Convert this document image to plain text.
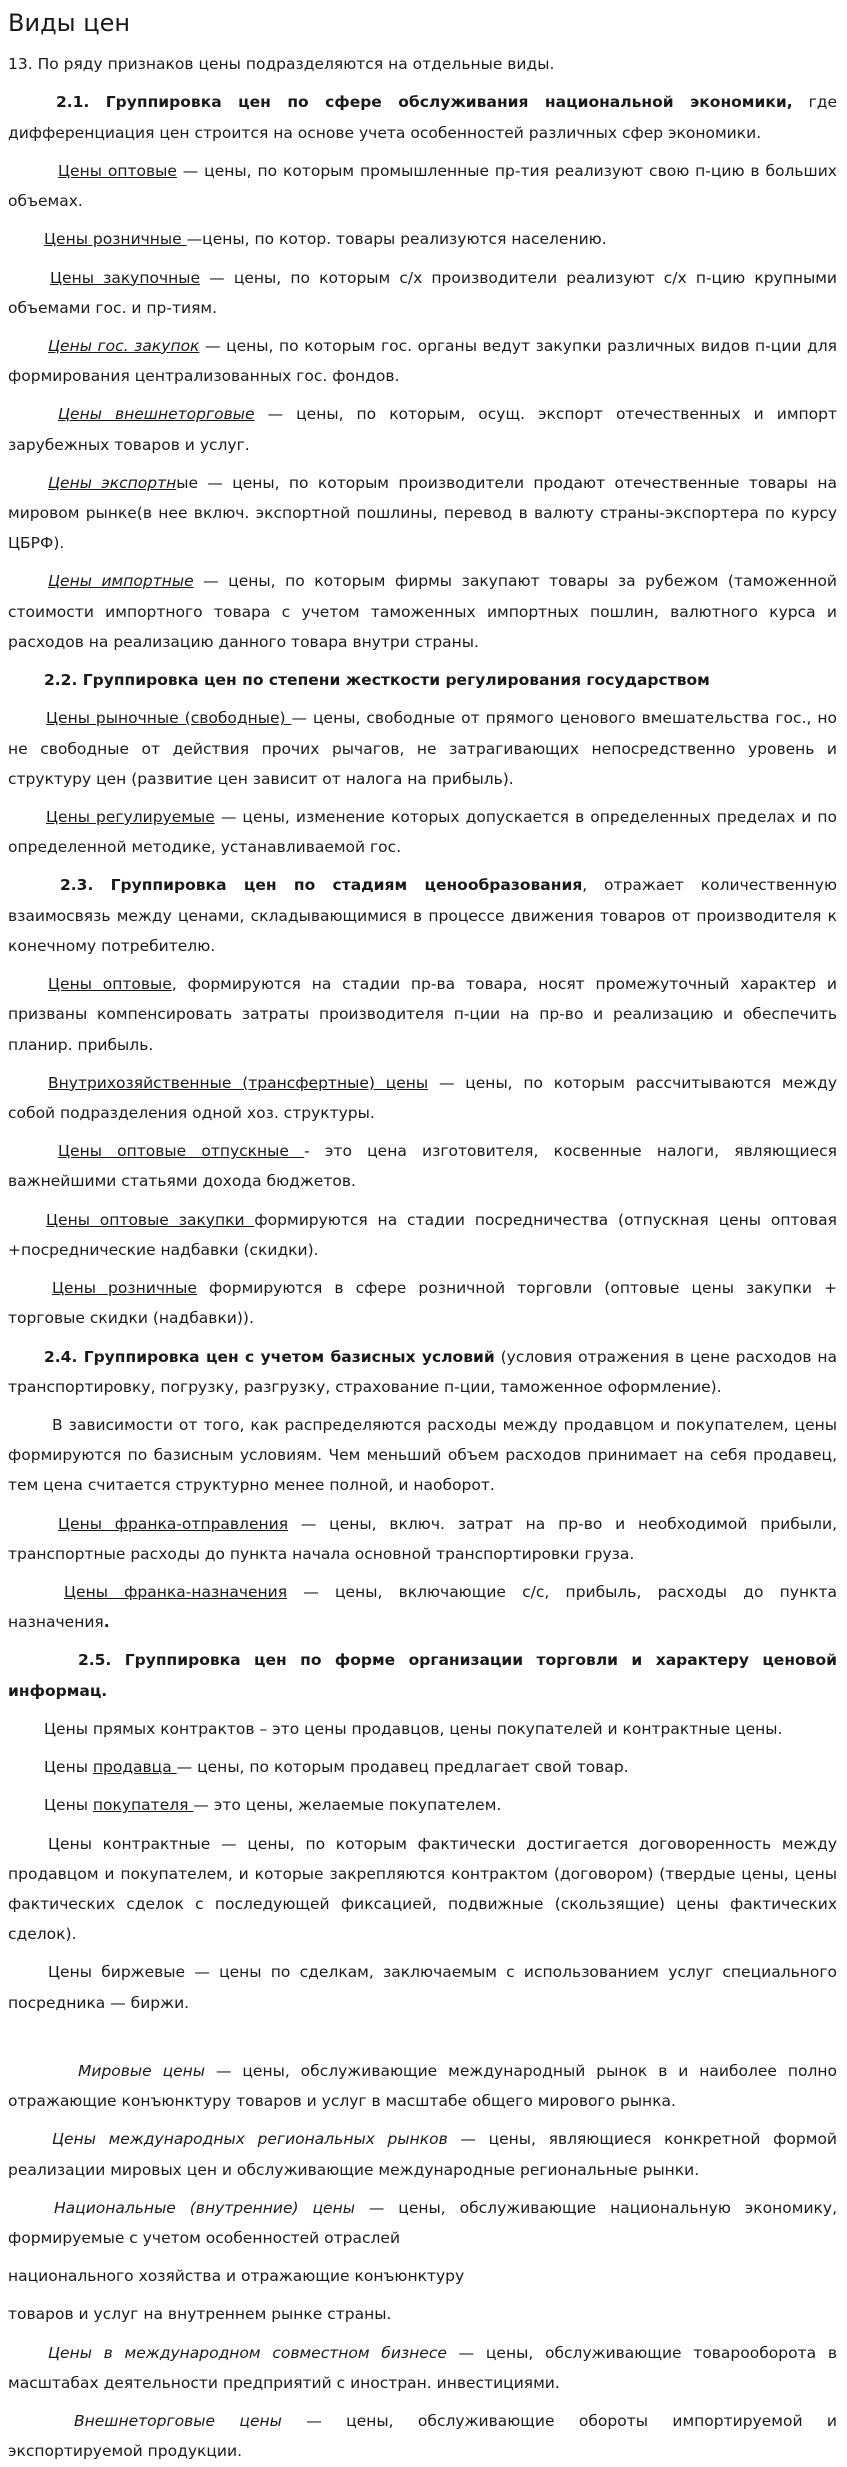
Виды цен

13. По ряду признаков цены подразделяются на отдельные виды.

2.1. Группировка цен по сфере обслуживания национальной экономики, где дифференциация цен строится на основе учета особенностей различных сфер экономики.

Цены оптовые — цены, по которым промышленные пр-тия реализуют свою п-цию в больших объемах.

Цены розничные —цены, по котор. товары реализуются населению.

Цены закупочные — цены, по которым с/х производители реализуют с/х п-цию крупными объемами гос. и пр-тиям.

Цены гос. закупок — цены, по которым гос. органы ведут закупки различных видов п-ции для формирования централизованных гос. фондов.

Цены внешнеторговые — цены, по которым, осущ. экспорт отечественных и импорт зарубежных товаров и услуг.

Цены экспортные — цены, по которым производители продают отечественные товары на мировом рынке(в нее включ. экспортной пошлины, перевод в валюту страны-экспортера по курсу ЦБРФ).

Цены импортные — цены, по которым фирмы закупают товары за рубежом (таможенной стоимости импортного товара с учетом таможенных импортных пошлин, валютного курса и расходов на реализацию данного товара внутри страны.

2.2. Группировка цен по степени жесткости регулирования государством

Цены рыночные (свободные) — цены, свободные от прямого ценового вмешательства гос., но не свободные от действия прочих рычагов, не затрагивающих непосредственно уровень и структуру цен (развитие цен зависит от налога на прибыль).

Цены регулируемые — цены, изменение которых допускается в определенных пределах и по определенной методике, устанавливаемой гос.

2.3. Группировка цен по стадиям ценообразования, отражает количественную взаимосвязь между ценами, складывающимися в процессе движения товаров от производителя к конечному потребителю.

Цены оптовые, формируются на стадии пр-ва товара, носят промежуточный характер и призваны компенсировать затраты производителя п-ции на пр-во и реализацию и обеспечить планир. прибыль.

Внутрихозяйственные (трансфертные) цены — цены, по которым рассчитываются между собой подразделения одной хоз. структуры.

Цены оптовые отпускные - это цена изготовителя, косвенные налоги, являющиеся важнейшими статьями дохода бюджетов.

Цены оптовые закупки формируются на стадии посредничества (отпускная цены оптовая +посреднические надбавки (скидки).

Цены розничные формируются в сфере розничной торговли (оптовые цены закупки + торговые скидки (надбавки)).

2.4. Группировка цен с учетом базисных условий (условия отражения в цене расходов на транспортировку, погрузку, разгрузку, страхование п-ции, таможенное оформление).

В зависимости от того, как распределяются расходы между продавцом и покупателем, цены формируются по базисным условиям. Чем меньший объем расходов принимает на себя продавец, тем цена считается структурно менее полной, и наоборот.

Цены франка-отправления — цены, включ. затрат на пр-во и необходимой прибыли, транспортные расходы до пункта начала основной транспортировки груза.

Цены франка-назначения — цены, включающие с/с, прибыль, расходы до пункта назначения.

2.5. Группировка цен по форме организации торговли и характеру ценовой информац.

Цены прямых контрактов – это цены продавцов, цены покупателей и контрактные цены.

Цены продавца — цены, по которым продавец предлагает свой товар.

Цены покупателя — это цены, желаемые покупателем.

Цены контрактные — цены, по которым фактически достигается договоренность между продавцом и покупателем, и которые закрепляются контрактом (договором) (твердые цены, цены фактических сделок с последующей фиксацией, подвижные (скользящие) цены фактических сделок).

Цены биржевые — цены по сделкам, заключаемым с использованием услуг специального посредника — биржи.

Мировые цены — цены, обслуживающие международный рынок в и наиболее полно отражающие конъюнктуру товаров и услуг в масштабе общего мирового рынка.

Цены международных региональных рынков — цены, являющиеся конкретной формой реализации мировых цен и обслуживающие международные региональные рынки.

Национальные (внутренние) цены — цены, обслуживающие национальную экономику, формируемые с учетом особенностей отраслей

национального хозяйства и отражающие конъюнктуру

товаров и услуг на внутреннем рынке страны.

Цены в международном совместном бизнесе — цены, обслуживающие товарооборота в масштабах деятельности предприятий с иностран. инвестициями.

Внешнеторговые цены — цены, обслуживающие обороты импортируемой и экспортируемой продукции.
